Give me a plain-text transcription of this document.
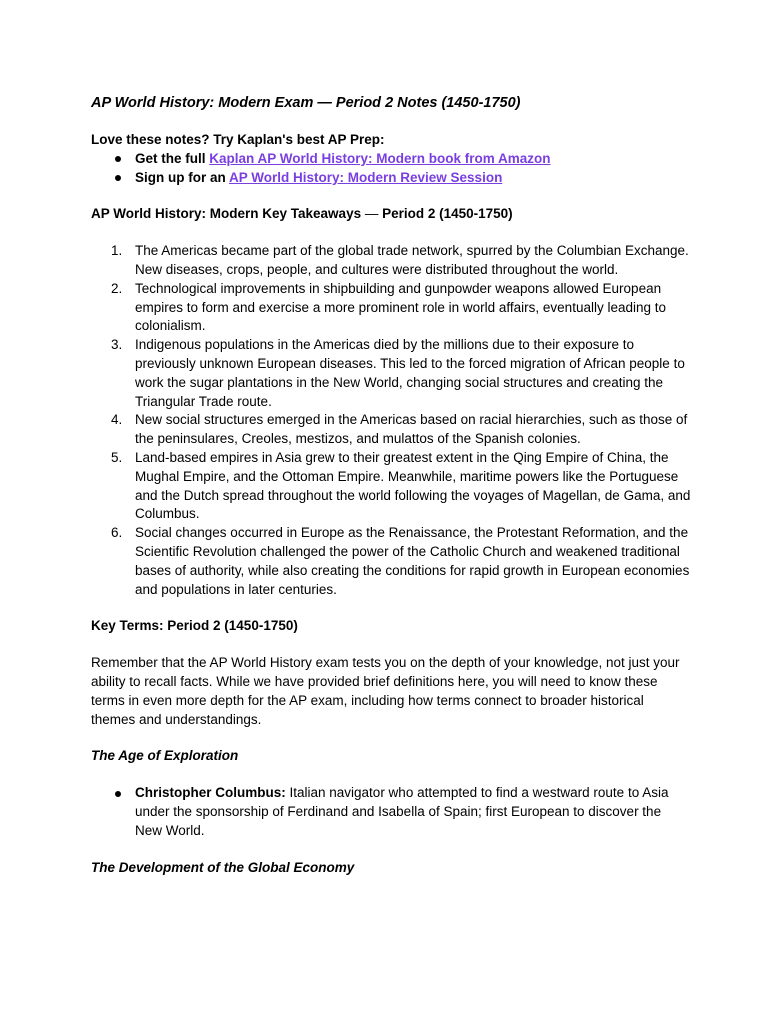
AP World History: Modern Exam — Period 2 Notes (1450-1750)

Love these notes? Try Kaplan's best AP Prep:

Get the full Kaplan AP World History: Modern book from Amazon
Sign up for an AP World History: Modern Review Session

AP World History: Modern Key Takeaways — Period 2 (1450-1750)

1. The Americas became part of the global trade network, spurred by the Columbian Exchange. New diseases, crops, people, and cultures were distributed throughout the world.
2. Technological improvements in shipbuilding and gunpowder weapons allowed European empires to form and exercise a more prominent role in world affairs, eventually leading to colonialism.
3. Indigenous populations in the Americas died by the millions due to their exposure to previously unknown European diseases. This led to the forced migration of African people to work the sugar plantations in the New World, changing social structures and creating the Triangular Trade route.
4. New social structures emerged in the Americas based on racial hierarchies, such as those of the peninsulares, Creoles, mestizos, and mulattos of the Spanish colonies.
5. Land-based empires in Asia grew to their greatest extent in the Qing Empire of China, the Mughal Empire, and the Ottoman Empire. Meanwhile, maritime powers like the Portuguese and the Dutch spread throughout the world following the voyages of Magellan, de Gama, and Columbus.
6. Social changes occurred in Europe as the Renaissance, the Protestant Reformation, and the Scientific Revolution challenged the power of the Catholic Church and weakened traditional bases of authority, while also creating the conditions for rapid growth in European economies and populations in later centuries.

Key Terms: Period 2 (1450-1750)

Remember that the AP World History exam tests you on the depth of your knowledge, not just your ability to recall facts. While we have provided brief definitions here, you will need to know these terms in even more depth for the AP exam, including how terms connect to broader historical themes and understandings.

The Age of Exploration

Christopher Columbus: Italian navigator who attempted to find a westward route to Asia under the sponsorship of Ferdinand and Isabella of Spain; first European to discover the New World.

The Development of the Global Economy
